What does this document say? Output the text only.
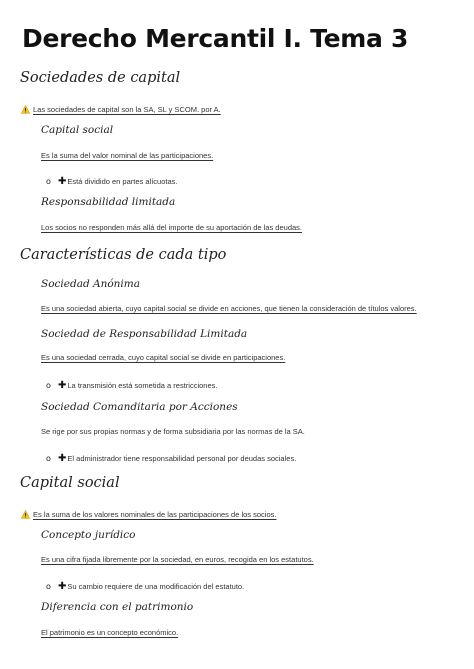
Derecho Mercantil I. Tema 3
Sociedades de capital
Las sociedades de capital son la SA, SL y SCOM. por A.
Capital social
Es la suma del valor nominal de las participaciones.
o ✚Está dividido en partes alícuotas.
Responsabilidad limitada
Los socios no responden más allá del importe de su aportación de las deudas.
Características de cada tipo
Sociedad Anónima
Es una sociedad abierta, cuyo capital social se divide en acciones, que tienen la consideración de títulos valores.
Sociedad de Responsabilidad Limitada
Es una sociedad cerrada, cuyo capital social se divide en participaciones.
o ✚La transmisión está sometida a restricciones.
Sociedad Comanditaria por Acciones
Se rige por sus propias normas y de forma subsidiaria por las normas de la SA.
o ✚El administrador tiene responsabilidad personal por deudas sociales.
Capital social
Es la suma de los valores nominales de las participaciones de los socios.
Concepto jurídico
Es una cifra fijada libremente por la sociedad, en euros, recogida en los estatutos.
o ✚Su cambio requiere de una modificación del estatuto.
Diferencia con el patrimonio
El patrimonio es un concepto económico.
